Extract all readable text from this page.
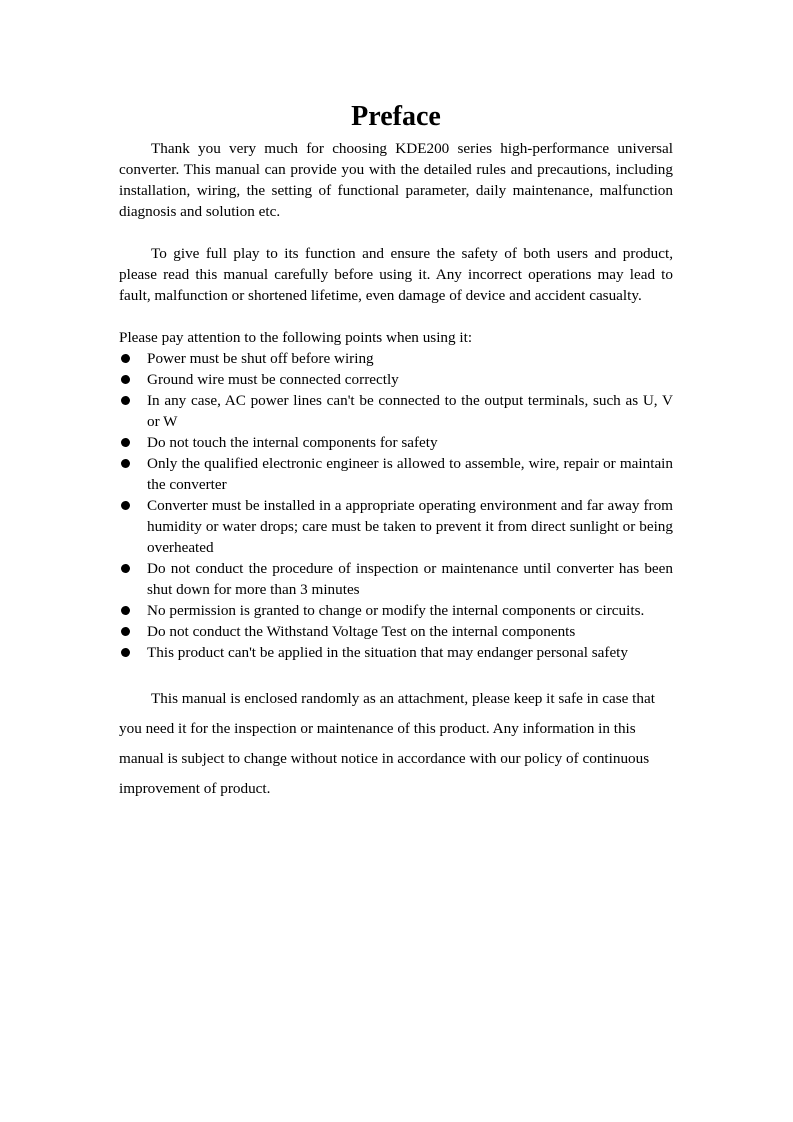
Preface

Thank you very much for choosing KDE200 series high-performance universal converter. This manual can provide you with the detailed rules and precautions, including installation, wiring, the setting of functional parameter, daily maintenance, malfunction diagnosis and solution etc.

To give full play to its function and ensure the safety of both users and product, please read this manual carefully before using it. Any incorrect operations may lead to fault, malfunction or shortened lifetime, even damage of device and accident casualty.

Please pay attention to the following points when using it:

Power must be shut off before wiring
Ground wire must be connected correctly
In any case, AC power lines can't be connected to the output terminals, such as U, V or W
Do not touch the internal components for safety
Only the qualified electronic engineer is allowed to assemble, wire, repair or maintain the converter
Converter must be installed in a appropriate operating environment and far away from humidity or water drops; care must be taken to prevent it from direct sunlight or being overheated
Do not conduct the procedure of inspection or maintenance until converter has been shut down for more than 3 minutes
No permission is granted to change or modify the internal components or circuits.
Do not conduct the Withstand Voltage Test on the internal components
This product can't be applied in the situation that may endanger personal safety

This manual is enclosed randomly as an attachment, please keep it safe in case that you need it for the inspection or maintenance of this product. Any information in this manual is subject to change without notice in accordance with our policy of continuous improvement of product.
